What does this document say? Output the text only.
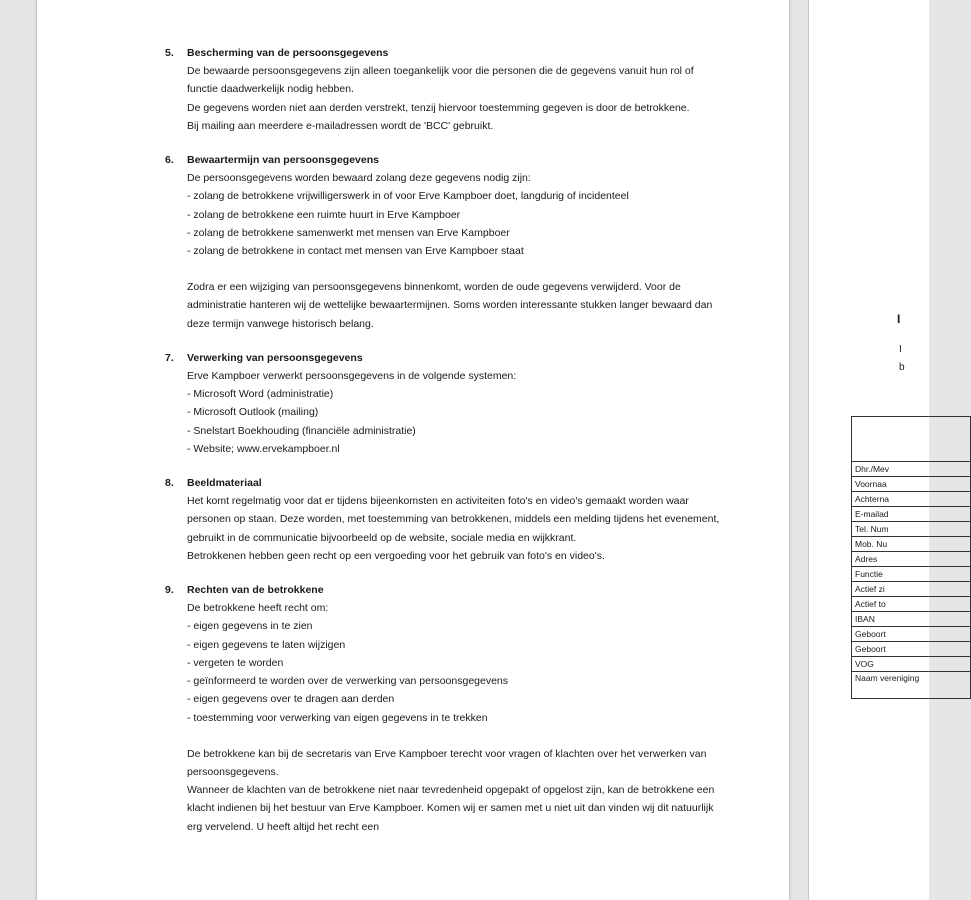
5. Bescherming van de persoonsgegevens
De bewaarde persoonsgegevens zijn alleen toegankelijk voor die personen die de gegevens vanuit hun rol of functie daadwerkelijk nodig hebben.
De gegevens worden niet aan derden verstrekt, tenzij hiervoor toestemming gegeven is door de betrokkene.
Bij mailing aan meerdere e-mailadressen wordt de 'BCC' gebruikt.
6. Bewaartermijn van persoonsgegevens
De persoonsgegevens worden bewaard zolang deze gegevens nodig zijn:
- zolang de betrokkene vrijwilligerswerk in of voor Erve Kampboer doet, langdurig of incidenteel
- zolang de betrokkene een ruimte huurt in Erve Kampboer
- zolang de betrokkene samenwerkt met mensen van Erve Kampboer
- zolang de betrokkene in contact met mensen van Erve Kampboer staat
Zodra er een wijziging van persoonsgegevens binnenkomt, worden de oude gegevens verwijderd. Voor de administratie hanteren wij de wettelijke bewaartermijnen. Soms worden interessante stukken langer bewaard dan deze termijn vanwege historisch belang.
7. Verwerking van persoonsgegevens
Erve Kampboer verwerkt persoonsgegevens in de volgende systemen:
- Microsoft Word (administratie)
- Microsoft Outlook (mailing)
- Snelstart Boekhouding (financiële administratie)
- Website; www.ervekampboer.nl
8. Beeldmateriaal
Het komt regelmatig voor dat er tijdens bijeenkomsten en activiteiten foto's en video's gemaakt worden waar personen op staan. Deze worden, met toestemming van betrokkenen, middels een melding tijdens het evenement, gebruikt in de communicatie bijvoorbeeld op de website, sociale media en wijkkrant.
Betrokkenen hebben geen recht op een vergoeding voor het gebruik van foto's en video's.
9. Rechten van de betrokkene
De betrokkene heeft recht om:
- eigen gegevens in te zien
- eigen gegevens te laten wijzigen
- vergeten te worden
- geïnformeerd te worden over de verwerking van persoonsgegevens
- eigen gegevens over te dragen aan derden
- toestemming voor verwerking van eigen gegevens in te trekken
De betrokkene kan bij de secretaris van Erve Kampboer terecht voor vragen of klachten over het verwerken van persoonsgegevens.
Wanneer de klachten van de betrokkene niet naar tevredenheid opgepakt of opgelost zijn, kan de betrokkene een klacht indienen bij het bestuur van Erve Kampboer. Komen wij er samen met u niet uit dan vinden wij dit natuurlijk erg vervelend. U heeft altijd het recht een
I
I
b

Dhr./Mev
Voornaa
Achterna
E-mailad
Tel. Num
Mob. Nu
Adres
Functie
Actief zi
Actief to
IBAN
Geboort
Geboort
VOG
Naam vereniging
